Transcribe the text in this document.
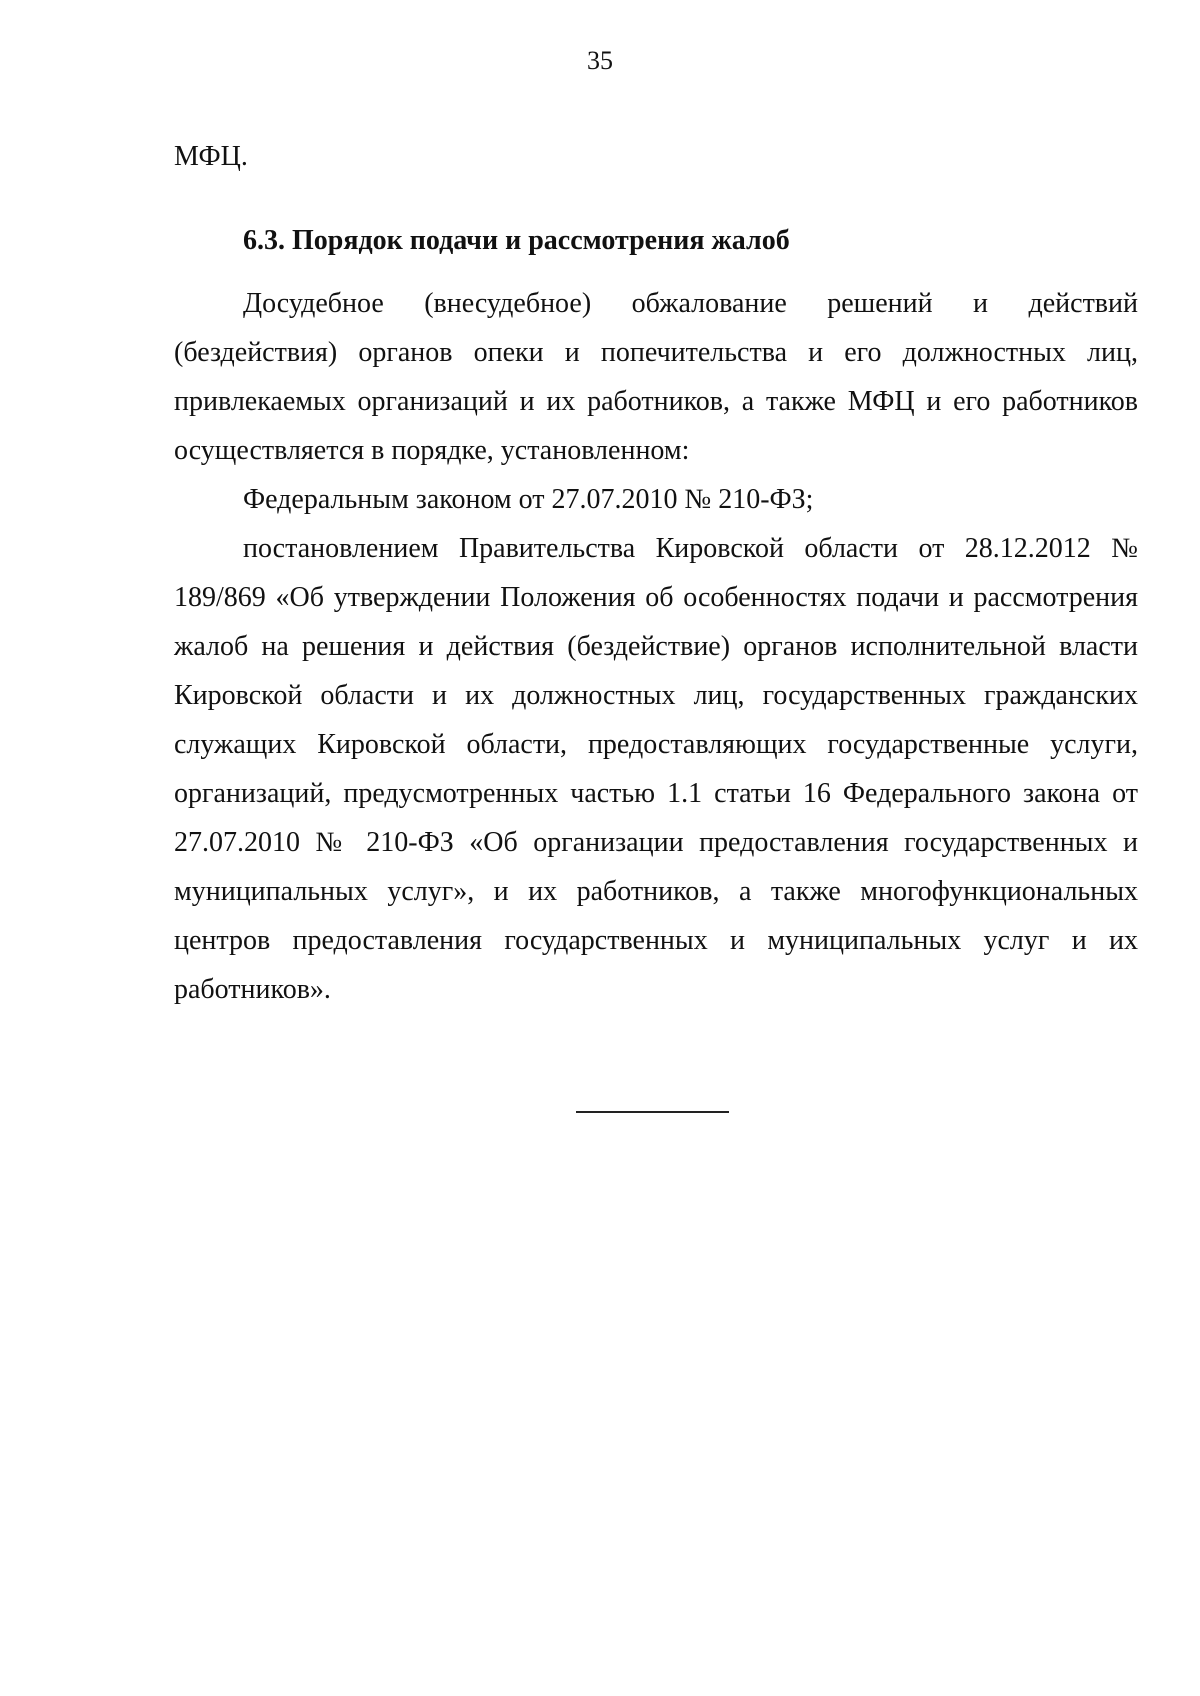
35
МФЦ.
6.3. Порядок подачи и рассмотрения жалоб

Досудебное (внесудебное) обжалование решений и действий (бездействия) органов опеки и попечительства и его должностных лиц, привлекаемых организаций и их работников, а также МФЦ и его работников осуществляется в порядке, установленном:

Федеральным законом от 27.07.2010 № 210-ФЗ;

постановлением Правительства Кировской области от 28.12.2012 № 189/869 «Об утверждении Положения об особенностях подачи и рассмотрения жалоб на решения и действия (бездействие) органов исполнительной власти Кировской области и их должностных лиц, государственных гражданских служащих Кировской области, предоставляющих государственные услуги, организаций, предусмотренных частью 1.1 статьи 16 Федерального закона от 27.07.2010 № 210-ФЗ «Об организации предоставления государственных и муниципальных услуг», и их работников, а также многофункциональных центров предоставления государственных и муниципальных услуг и их работников».
